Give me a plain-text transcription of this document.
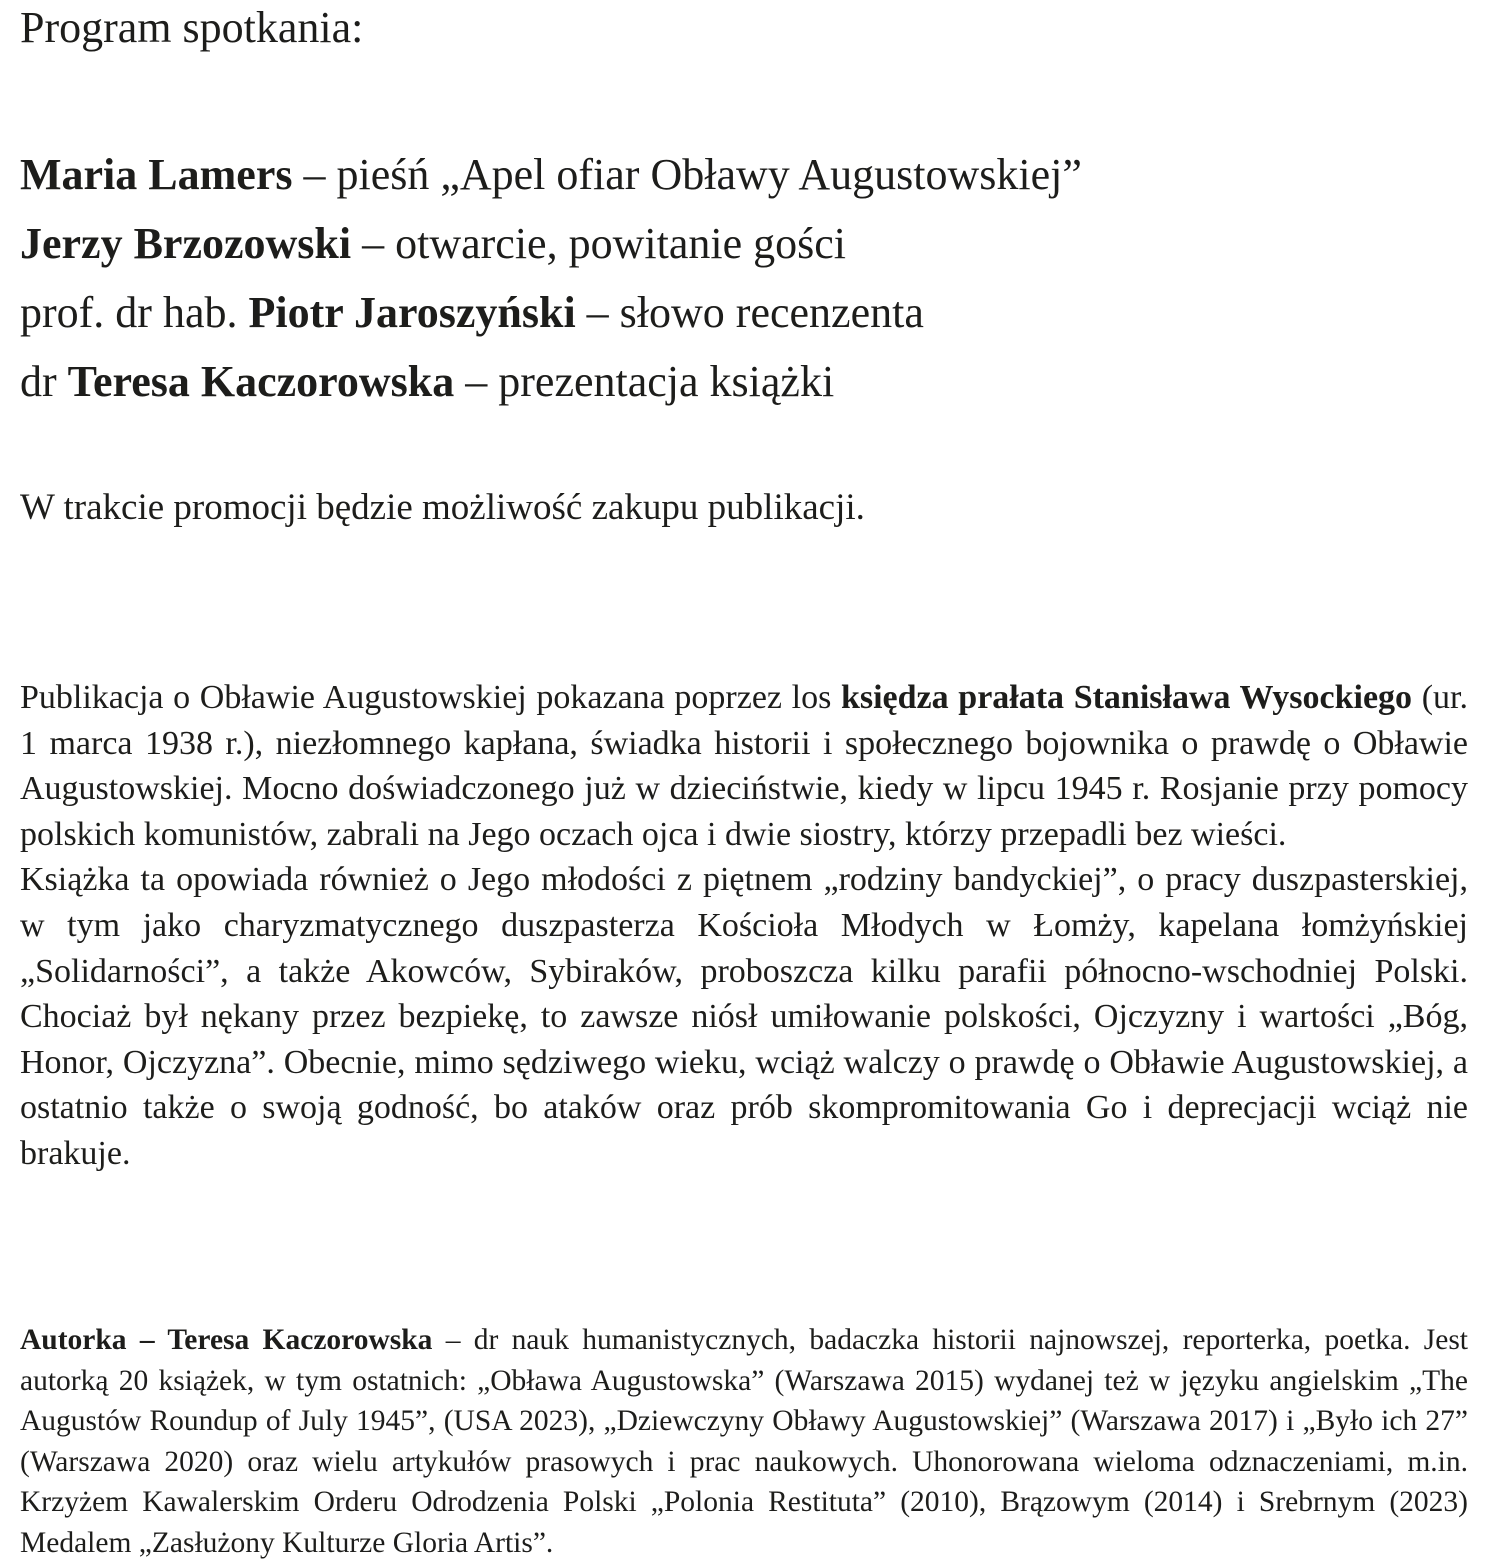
Program spotkania:
Maria Lamers – pieśń „Apel ofiar Obławy Augustowskiej”
Jerzy Brzozowski – otwarcie, powitanie gości
prof. dr hab. Piotr Jaroszyński – słowo recenzenta
dr Teresa Kaczorowska – prezentacja książki

W trakcie promocji będzie możliwość zakupu publikacji.

Publikacja o Obławie Augustowskiej pokazana poprzez los księdza prałata Stanisława Wysockiego (ur. 1 marca 1938 r.), niezłomnego kapłana, świadka historii i społecznego bojownika o prawdę o Obławie Augustowskiej. Mocno doświadczonego już w dzieciństwie, kiedy w lipcu 1945 r. Rosjanie przy pomocy polskich komunistów, zabrali na Jego oczach ojca i dwie siostry, którzy przepadli bez wieści.

Książka ta opowiada również o Jego młodości z piętnem „rodziny bandyckiej”, o pracy duszpasterskiej, w tym jako charyzmatycznego duszpasterza Kościoła Młodych w Łomży, kapelana łomżyńskiej „Solidarności”, a także Akowców, Sybiraków, proboszcza kilku parafii północno-wschodniej Polski. Chociaż był nękany przez bezpiekę, to zawsze niósł umiłowanie polskości, Ojczyzny i wartości „Bóg, Honor, Ojczyzna”. Obecnie, mimo sędziwego wieku, wciąż walczy o prawdę o Obławie Augustowskiej, a ostatnio także o swoją godność, bo ataków oraz prób skompromitowania Go i deprecjacji wciąż nie brakuje.

Autorka – Teresa Kaczorowska – dr nauk humanistycznych, badaczka historii najnowszej, reporterka, poetka. Jest autorką 20 książek, w tym ostatnich: „Obława Augustowska” (Warszawa 2015) wydanej też w języku angielskim „The Augustów Roundup of July 1945”, (USA 2023), „Dziewczyny Obławy Augustowskiej” (Warszawa 2017) i „Było ich 27” (Warszawa 2020) oraz wielu artykułów prasowych i prac naukowych. Uhonorowana wieloma odznaczeniami, m.in. Krzyżem Kawalerskim Orderu Odrodzenia Polski „Polonia Restituta” (2010), Brązowym (2014) i Srebrnym (2023) Medalem „Zasłużony Kulturze Gloria Artis”.
